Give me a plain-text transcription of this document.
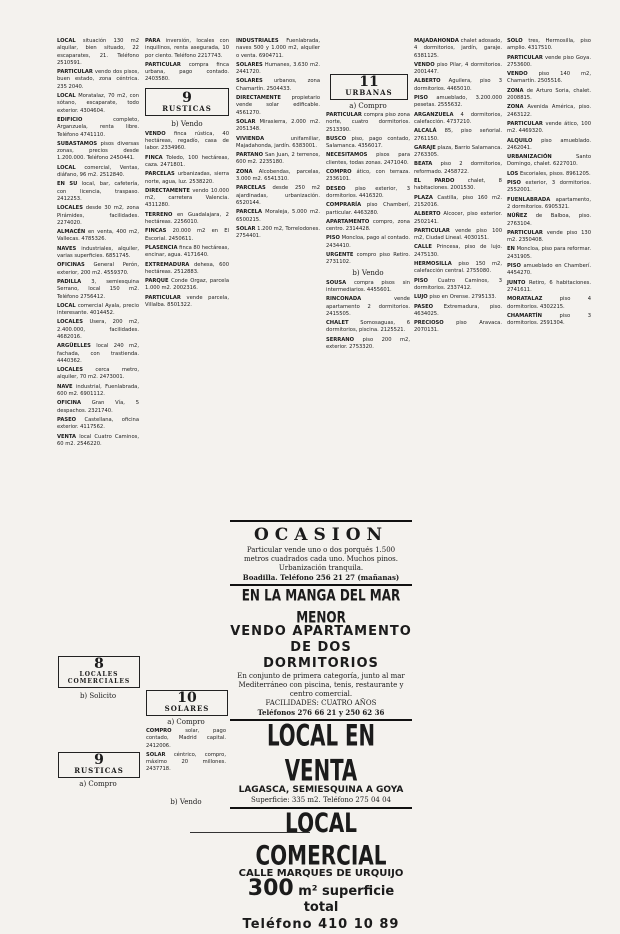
LOCAL situación 130 m2 alquilar, bien situado, 22 escaparates, 21. Teléfono 2510591.
PARTICULAR vendo dos pisos, buen estado, zona céntrica. 235 2040.
LOCAL Moratalaz, 70 m2, con sótano, escaparate, todo exterior. 4304604.
EDIFICIO	completo, Arganzuela, renta libre. Teléfono 4741110.
SUBASTAMOS pisos diversas zonas, precios desde 1.200.000. Teléfono 2450441.
LOCAL comercial, Ventas, diáfano, 96 m2. 2512840.
EN SU local, bar, cafetería, con licencia, traspaso. 2412253.
LOCALES desde 30 m2, zona Pirámides, facilidades. 2274020.
ALMACÉN en venta, 400 m2, Vallecas. 4785326.
NAVES industriales, alquiler, varias superficies. 6851745.
OFICINAS General Perón, exterior, 200 m2. 4559370.
PADILLA 3, semiesquina Serrano, local 150 m2. Teléfono 2756412.
LOCAL comercial Ayala, precio interesante. 4014452.
LOCALES Usera, 200 m2, 2.400.000, facilidades. 4682016.
ARGÜELLES local 240 m2, fachada, con trastienda. 4440362.
LOCALES cerca metro, alquiler, 70 m2. 2473001.
NAVE industrial, Fuenlabrada, 600 m2. 6901112.
OFICINA Gran Vía, 5 despachos. 2321740.
PASEO Castellana, oficina exterior. 4117562.
VENTA local Cuatro Caminos, 60 m2. 2546220.
PARA inversión, locales con inquilinos, renta asegurada, 10 por ciento. Teléfono 2217743.
PARTICULAR compra finca urbana, pago contado. 2403580.
9
RUSTICAS
b) Vendo
VENDO finca rústica, 40 hectáreas, regadío, casa de labor. 2334960.
FINCA Toledo, 100 hectáreas, caza. 2471801.
PARCELAS urbanizadas, sierra norte, agua, luz. 2538220.
DIRECTAMENTE vendo 10.000 m2, carretera Valencia. 4311280.
TERRENO en Guadalajara, 2 hectáreas. 2256010.
FINCAS 20.000 m2 en El Escorial. 2450611.
PLASENCIA finca 80 hectáreas, encinar, agua. 4171640.
EXTREMADURA dehesa, 600 hectáreas. 2512883.
PARQUE Conde Orgaz, parcela 1.000 m2. 2002316.
PARTICULAR vende parcela, Villalba. 8501322.
INDUSTRIALES Fuenlabrada, naves 500 y 1.000 m2, alquiler o venta. 6904711.
SOLARES Humanes, 3.630 m2. 2441720.
SOLARES urbanos, zona Chamartín. 2504433.
DIRECTAMENTE propietario vende solar edificable. 4561270.
SOLAR Mirasierra, 2.000 m2. 2051348.
VIVIENDA	unifamiliar, Majadahonda, jardín. 6383001.
PARTANO San Juan, 2 terrenos, 600 m2. 2235180.
ZONA Alcobendas, parcelas, 3.000 m2. 6541310.
PARCELAS desde 250 m2 ajardinadas, urbanización. 6520144.
PARCELA Moraleja, 5.000 m2. 6500215.
SOLAR 1.200 m2, Torrelodones. 2754401.
11
URBANAS
a) Compro
PARTICULAR compra piso zona norte, cuatro dormitorios. 2513390.
BUSCO piso, pago contado, Salamanca. 4356017.
NECESITAMOS pisos para clientes, todas zonas. 2471040.
COMPRO ático, con terraza. 2336101.
DESEO piso exterior, 3 dormitorios. 4416320.
COMPRARÍA piso Chamberí, particular. 4463280.
APARTAMENTO compro, zona centro. 2314428.
PISO Moncloa, pago al contado. 2434410.
URGENTE compro piso Retiro. 2731102.
b) Vendo
SOUSA compra pisos sin intermediarios. 4455601.
RINCONADA	vende apartamento 2 dormitorios. 2415505.
CHALET Somosaguas, 6 dormitorios, piscina. 2125521.
SERRANO piso 200 m2, exterior. 2753320.
MAJADAHONDA chalet adosado, 4 dormitorios, jardín, garaje. 6381125.
VENDO piso Pilar, 4 dormitorios. 2001447.
ALBERTO Aguilera, piso 3 dormitorios. 4465010.
PISO amueblado, 3.200.000 pesetas. 2555632.
ARGANZUELA 4 dormitorios, calefacción. 4737210.
ALCALÁ 85, piso señorial. 2761150.
GARAJE plaza, Barrio Salamanca. 2763305.
BEATA piso 2 dormitorios, reformado. 2458722.
EL PARDO	chalet, 8 habitaciones. 2001530.
PLAZA Castilla, piso 160 m2. 2152016.
ALBERTO Alcocer, piso exterior. 2502141.
PARTICULAR vende piso 100 m2, Ciudad Lineal. 4030151.
CALLE Princesa, piso de lujo. 2475130.
HERMOSILLA piso 150 m2, calefacción central. 2755080.
PISO Cuatro Caminos, 3 dormitorios. 2337412.
LUJO piso en Orense. 2795133.
PASEO Extremadura, piso. 4634025.
PRECIOSO piso Aravaca. 2070131.
SOLO tres, Hermosilla, piso amplio. 4317510.
PARTICULAR vende piso Goya. 2753600.
VENDO piso 140 m2, Chamartín. 2505516.
ZONA de Arturo Soria, chalet. 2008815.
ZONA Avenida América, piso. 2463122.
PARTICULAR vende ático, 100 m2. 4469320.
ALQUILO piso amueblado. 2462041.
URBANIZACIÓN	Santo Domingo, chalet. 6227010.
LOS Escoriales, pisos. 8961205.
PISO exterior, 3 dormitorios. 2552001.
FUENLABRADA apartamento, 2 dormitorios. 6905321.
NÚÑEZ de Balboa, piso. 2763104.
PARTICULAR vende piso 130 m2. 2350408.
EN Moncloa, piso para reformar. 2431905.
PISO amueblado en Chamberí. 4454270.
JUNTO Retiro, 6 habitaciones. 2741611.
MORATALAZ	piso 4 dormitorios. 4302215.
CHAMARTÍN	piso 3 dormitorios. 2591304.
8
LOCALES COMERCIALES
b) Solicito
9
RUSTICAS
a) Compro
10
SOLARES
a) Compro
COMPRO	solar, pago contado, Madrid capital. 2412006.
SOLAR céntrico, compro, máximo 20 millones. 2437718.
b) Vendo
OCASION
Particular vende uno o dos porqués 1.500 metros cuadrados cada uno. Muchos pinos. Urbanización tranquila.
Boadilla. Teléfono 256 21 27 (mañanas)
EN LA MANGA DEL MAR MENOR
VENDO APARTAMENTO
DE DOS DORMITORIOS
En conjunto de primera categoría, junto al mar Mediterráneo con piscina, tenis, restaurante y centro comercial.
FACILIDADES: CUATRO AÑOS
Teléfonos 276 66 21 y 250 62 36
LOCAL EN VENTA
LAGASCA, SEMIESQUINA A GOYA
Superficie: 335 m2. Teléfono 275 04 04
LOCAL COMERCIAL
CALLE MARQUES DE URQUIJO
300 m² superficie total
Teléfono 410 10 89
